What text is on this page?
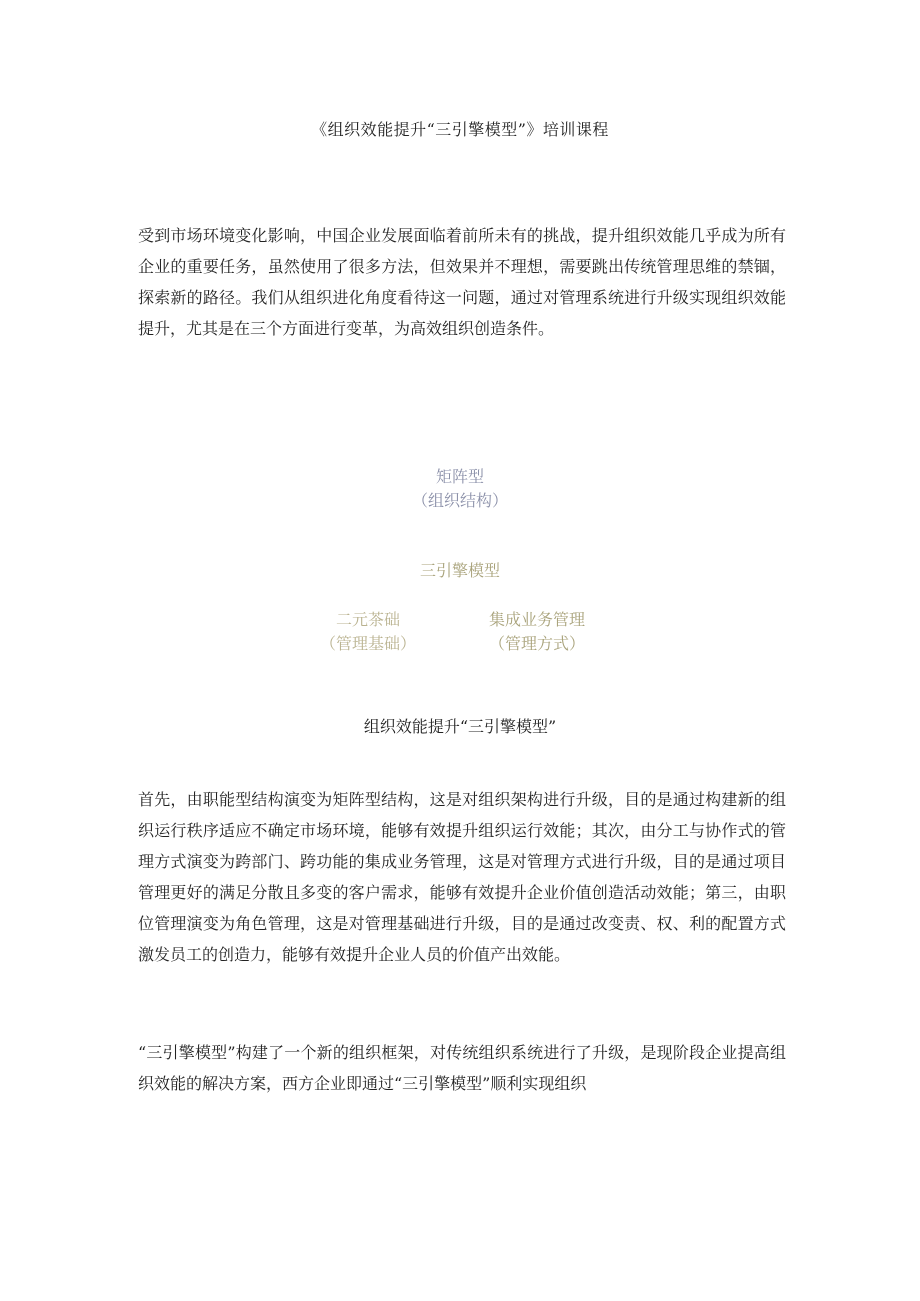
《组织效能提升“三引擎模型”》培训课程

受到市场环境变化影响，中国企业发展面临着前所未有的挑战，提升组织效能几乎成为所有企业的重要任务，虽然使用了很多方法，但效果并不理想，需要跳出传统管理思维的禁锢，探索新的路径。我们从组织进化角度看待这一问题，通过对管理系统进行升级实现组织效能提升，尤其是在三个方面进行变革，为高效组织创造条件。

矩阵型
（组织结构）
三引擎模型
二元茶础
（管理基础）
集成业务管理
（管理方式）
组织效能提升“三引擎模型”

首先，由职能型结构演变为矩阵型结构，这是对组织架构进行升级，目的是通过构建新的组织运行秩序适应不确定市场环境，能够有效提升组织运行效能；其次，由分工与协作式的管理方式演变为跨部门、跨功能的集成业务管理，这是对管理方式进行升级，目的是通过项目管理更好的满足分散且多变的客户需求，能够有效提升企业价值创造活动效能；第三，由职位管理演变为角色管理，这是对管理基础进行升级，目的是通过改变责、权、利的配置方式激发员工的创造力，能够有效提升企业人员的价值产出效能。

“三引擎模型”构建了一个新的组织框架，对传统组织系统进行了升级，是现阶段企业提高组织效能的解决方案，西方企业即通过“三引擎模型”顺利实现组织
